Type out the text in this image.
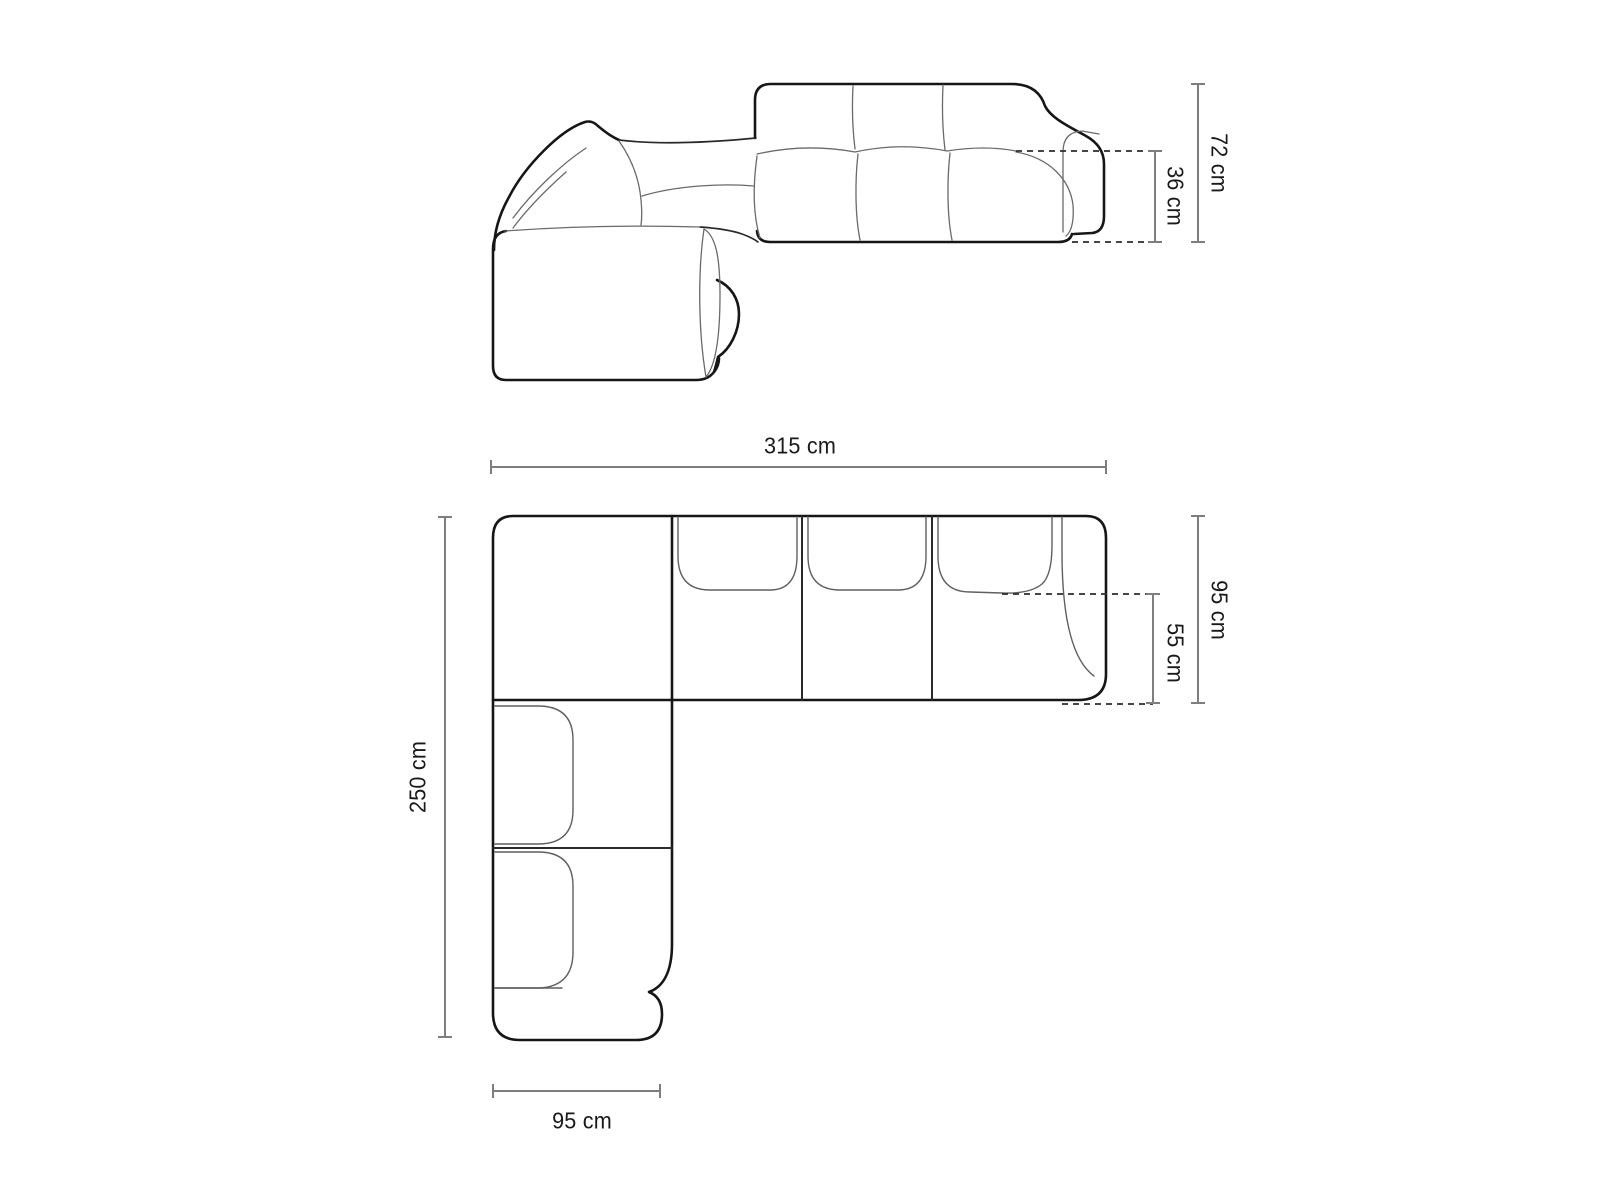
72 cm
36 cm
315 cm
250 cm
95 cm
55 cm
95 cm
